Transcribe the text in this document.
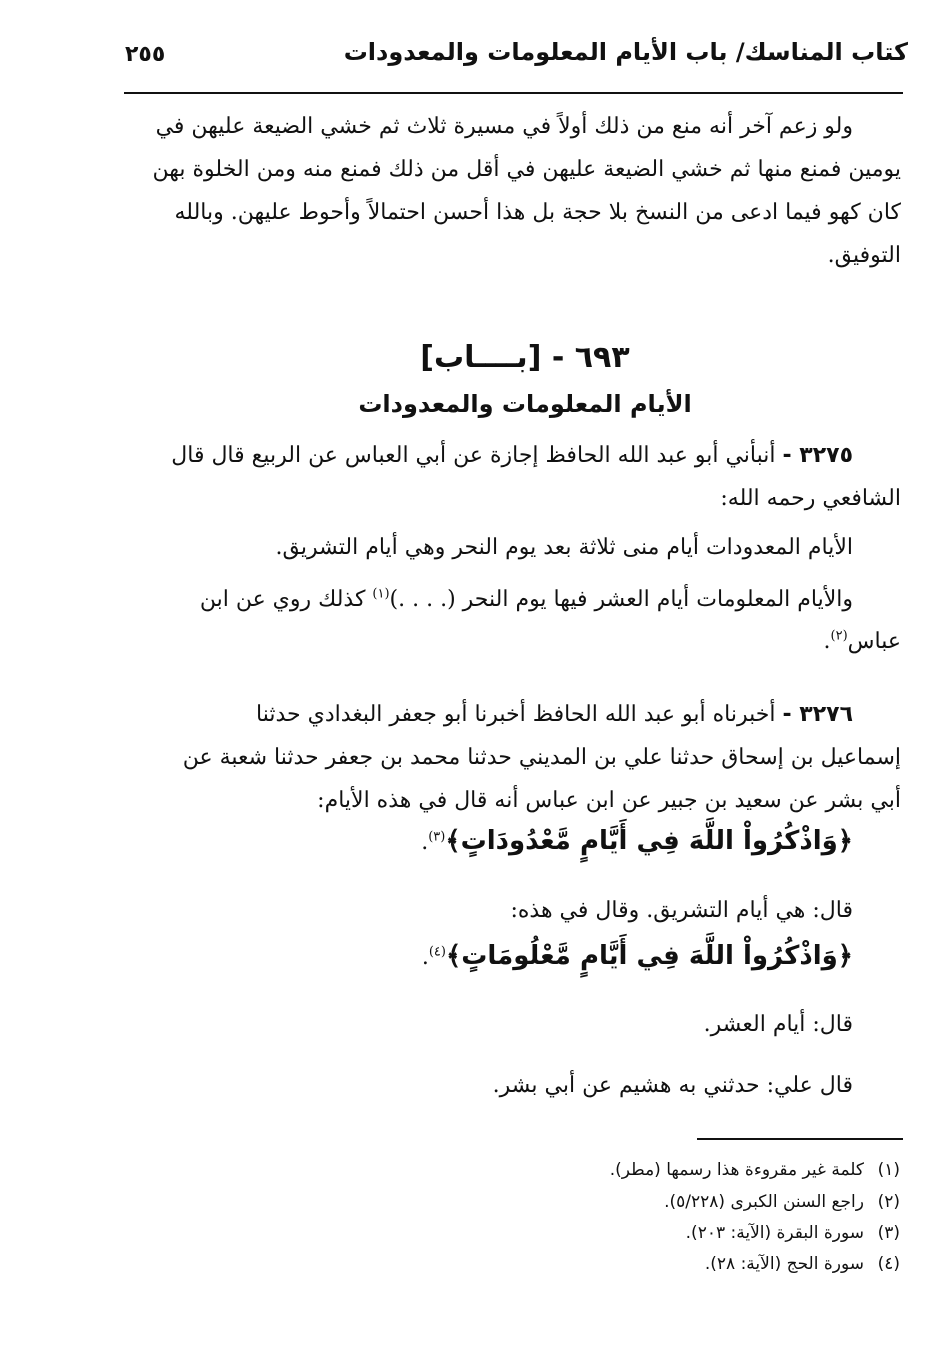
كتاب المناسك/ باب الأيام المعلومات والمعدودات
٢٥٥
ولو زعم آخر أنه منع من ذلك أولاً في مسيرة ثلاث ثم خشي الضيعة عليهن في
يومين فمنع منها ثم خشي الضيعة عليهن في أقل من ذلك فمنع منه ومن الخلوة بهن
كان كهو فيما ادعى من النسخ بلا حجة بل هذا أحسن احتمالاً وأحوط عليهن. وبالله
التوفيق.
٦٩٣ - [بــــاب]
الأيام المعلومات والمعدودات
٣٢٧٥ - أنبأني أبو عبد الله الحافظ إجازة عن أبي العباس عن الربيع قال قال
الشافعي رحمه الله:
الأيام المعدودات أيام منى ثلاثة بعد يوم النحر وهي أيام التشريق.
والأيام المعلومات أيام العشر فيها يوم النحر (. . . .)$^{(١)}$ كذلك روي عن ابن
عباس$^{(٢)}$.
٣٢٧٦ - أخبرناه أبو عبد الله الحافظ أخبرنا أبو جعفر البغدادي حدثنا
إسماعيل بن إسحاق حدثنا علي بن المديني حدثنا محمد بن جعفر حدثنا شعبة عن
أبي بشر عن سعيد بن جبير عن ابن عباس أنه قال في هذه الأيام:
﴿وَاذْكُرُواْ اللَّهَ فِي أَيَّامٍ مَّعْدُودَاتٍ﴾$^{(٣)}$.
قال: هي أيام التشريق. وقال في هذه:
﴿وَاذْكُرُواْ اللَّهَ فِي أَيَّامٍ مَّعْلُومَاتٍ﴾$^{(٤)}$.
قال: أيام العشر.
قال علي: حدثني به هشيم عن أبي بشر.
(١)كلمة غير مقروءة هذا رسمها (مطر).
(٢)راجع السنن الكبرى (٥/٢٢٨).
(٣)سورة البقرة (الآية: ٢٠٣).
(٤)سورة الحج (الآية: ٢٨).
